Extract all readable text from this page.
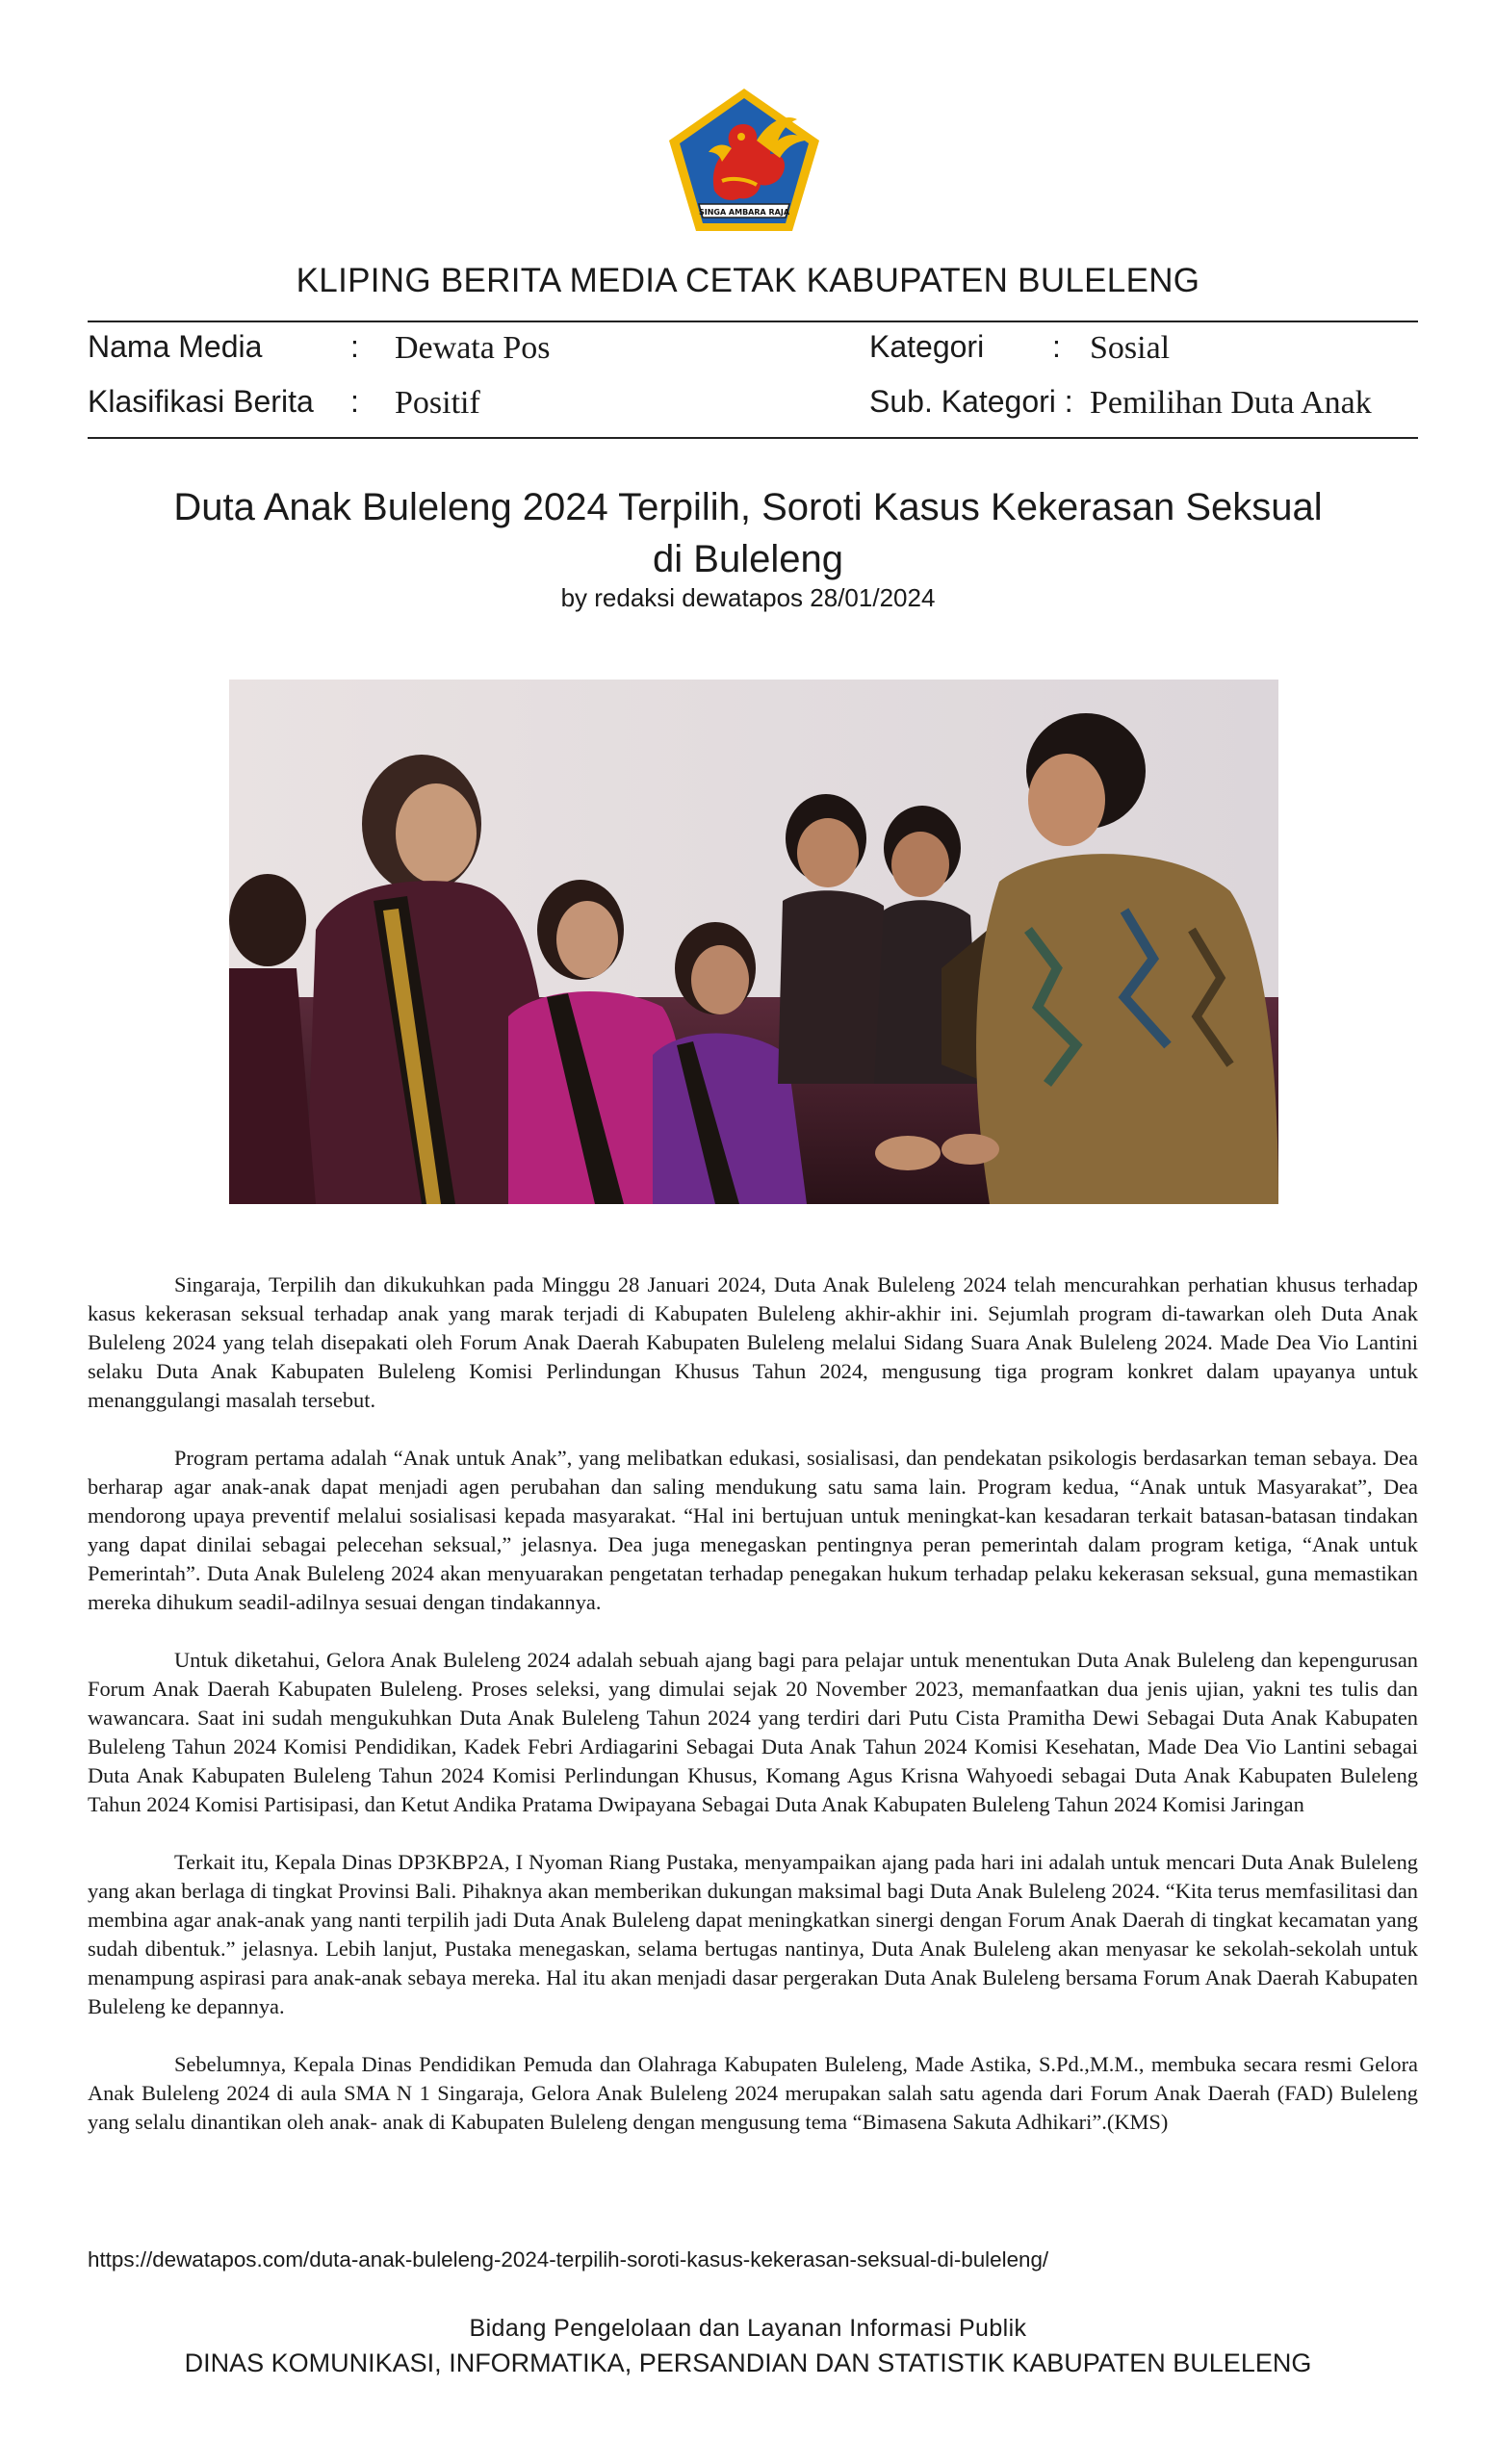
SINGA AMBARA RAJA
KLIPING BERITA MEDIA CETAK KABUPATEN BULELENG
Nama Media	: Dewata Pos	Kategori : Sosial
Klasifikasi Berita : Positif	Sub. Kategori : Pemilihan Duta Anak
Duta Anak Buleleng 2024 Terpilih, Soroti Kasus Kekerasan Seksual
di Buleleng
by redaksi dewatapos 28/01/2024

Singaraja, Terpilih dan dikukuhkan pada Minggu 28 Januari 2024, Duta Anak Buleleng 2024 telah mencurahkan perhatian khusus terhadap kasus kekerasan seksual terhadap anak yang marak terjadi di Kabupaten Buleleng akhir-akhir ini. Sejumlah program di-tawarkan oleh Duta Anak Buleleng 2024 yang telah disepakati oleh Forum Anak Daerah Kabupaten Buleleng melalui Sidang Suara Anak Buleleng 2024. Made Dea Vio Lantini selaku Duta Anak Kabupaten Buleleng Komisi Perlindungan Khusus Tahun 2024, mengusung tiga program konkret dalam upayanya untuk menanggulangi masalah tersebut.

Program pertama adalah “Anak untuk Anak”, yang melibatkan edukasi, sosialisasi, dan pendekatan psikologis berdasarkan teman sebaya. Dea berharap agar anak-anak dapat menjadi agen perubahan dan saling mendukung satu sama lain. Program kedua, “Anak untuk Masyarakat”, Dea mendorong upaya preventif melalui sosialisasi kepada masyarakat. “Hal ini bertujuan untuk meningkat-kan kesadaran terkait batasan-batasan tindakan yang dapat dinilai sebagai pelecehan seksual,” jelasnya. Dea juga menegaskan pentingnya peran pemerintah dalam program ketiga, “Anak untuk Pemerintah”. Duta Anak Buleleng 2024 akan menyuarakan pengetatan terhadap penegakan hukum terhadap pelaku kekerasan seksual, guna memastikan mereka dihukum seadil-adilnya sesuai dengan tindakannya.

Untuk diketahui, Gelora Anak Buleleng 2024 adalah sebuah ajang bagi para pelajar untuk menentukan Duta Anak Buleleng dan kepengurusan Forum Anak Daerah Kabupaten Buleleng. Proses seleksi, yang dimulai sejak 20 November 2023, memanfaatkan dua jenis ujian, yakni tes tulis dan wawancara. Saat ini sudah mengukuhkan Duta Anak Buleleng Tahun 2024 yang terdiri dari Putu Cista Pramitha Dewi Sebagai Duta Anak Kabupaten Buleleng Tahun 2024 Komisi Pendidikan, Kadek Febri Ardiagarini Sebagai Duta Anak Tahun 2024 Komisi Kesehatan, Made Dea Vio Lantini sebagai Duta Anak Kabupaten Buleleng Tahun 2024 Komisi Perlindungan Khusus, Komang Agus Krisna Wahyoedi sebagai Duta Anak Kabupaten Buleleng Tahun 2024 Komisi Partisipasi, dan Ketut Andika Pratama Dwipayana Sebagai Duta Anak Kabupaten Buleleng Tahun 2024 Komisi Jaringan

Terkait itu, Kepala Dinas DP3KBP2A, I Nyoman Riang Pustaka, menyampaikan ajang pada hari ini adalah untuk mencari Duta Anak Buleleng yang akan berlaga di tingkat Provinsi Bali. Pihaknya akan memberikan dukungan maksimal bagi Duta Anak Buleleng 2024. “Kita terus memfasilitasi dan membina agar anak-anak yang nanti terpilih jadi Duta Anak Buleleng dapat meningkatkan sinergi dengan Forum Anak Daerah di tingkat kecamatan yang sudah dibentuk.” jelasnya. Lebih lanjut, Pustaka menegaskan, selama bertugas nantinya, Duta Anak Buleleng akan menyasar ke sekolah-sekolah untuk menampung aspirasi para anak-anak sebaya mereka. Hal itu akan menjadi dasar pergerakan Duta Anak Buleleng bersama Forum Anak Daerah Kabupaten Buleleng ke depannya.

Sebelumnya, Kepala Dinas Pendidikan Pemuda dan Olahraga Kabupaten Buleleng, Made Astika, S.Pd.,M.M., membuka secara resmi Gelora Anak Buleleng 2024 di aula SMA N 1 Singaraja, Gelora Anak Buleleng 2024 merupakan salah satu agenda dari Forum Anak Daerah (FAD) Buleleng yang selalu dinantikan oleh anak- anak di Kabupaten Buleleng dengan mengusung tema “Bimasena Sakuta Adhikari”.(KMS)

https://dewatapos.com/duta-anak-buleleng-2024-terpilih-soroti-kasus-kekerasan-seksual-di-buleleng/
Bidang Pengelolaan dan Layanan Informasi Publik
DINAS KOMUNIKASI, INFORMATIKA, PERSANDIAN DAN STATISTIK KABUPATEN BULELENG
